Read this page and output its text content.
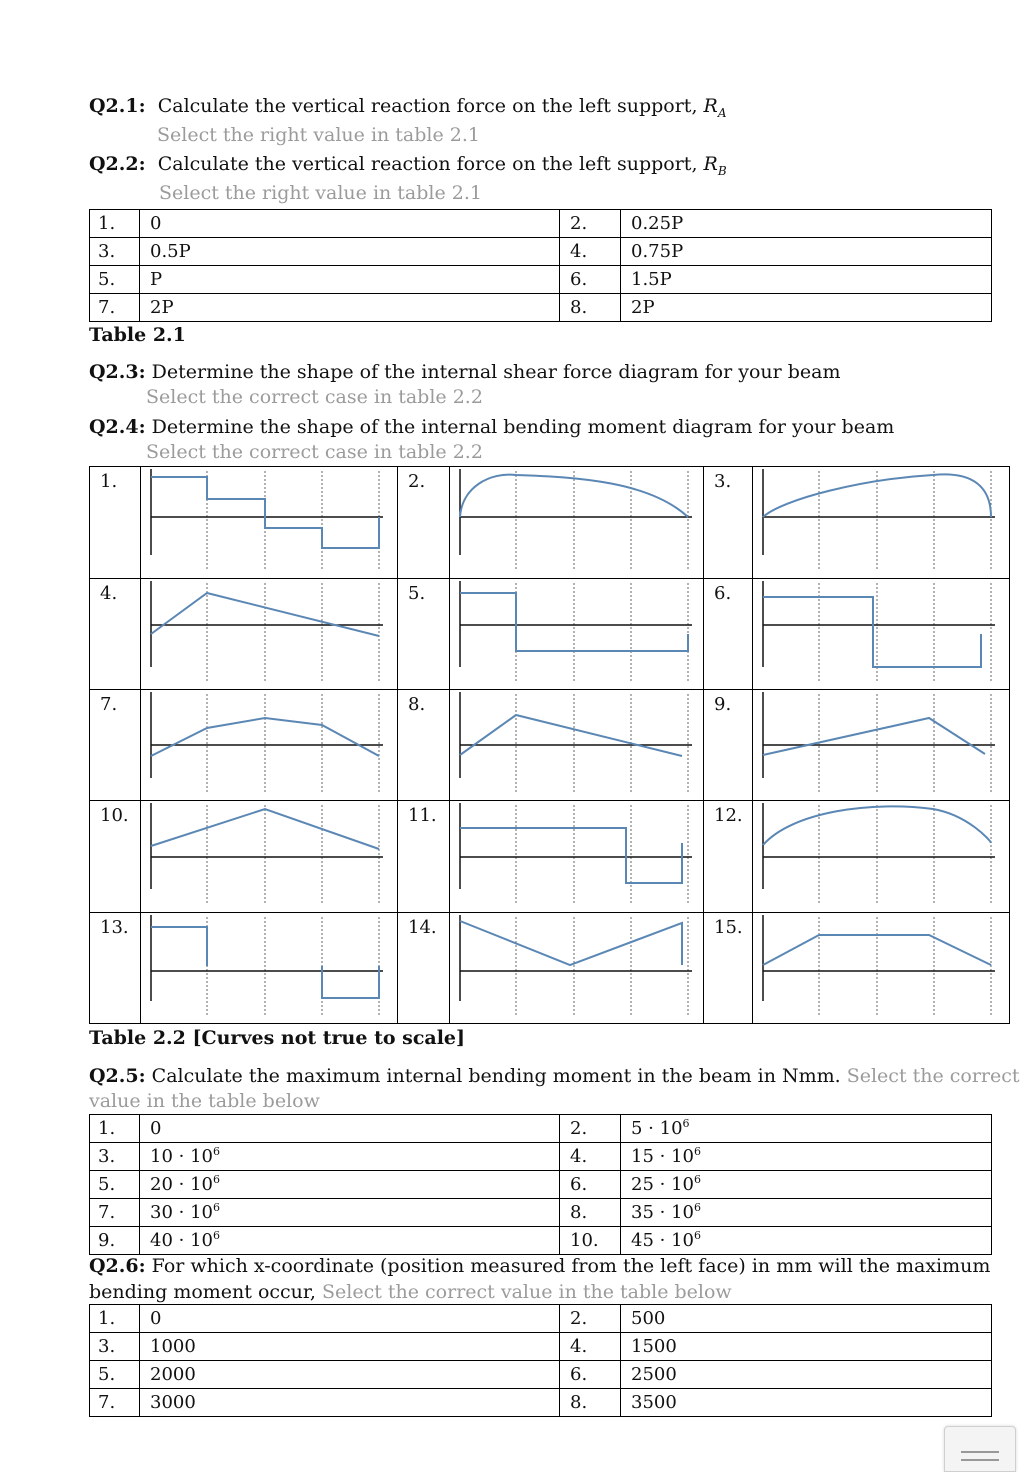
Q2.1: Calculate the vertical reaction force on the left support, $R_A$
Select the right value in table 2.1
Q2.2: Calculate the vertical reaction force on the left support, $R_B$
Select the right value in table 2.1
1.	0	2.	0.25P
3.	0.5P	4.	0.75P
5.	P	6.	1.5P
7.	2P	8.	2P
Table 2.1
Q2.3: Determine the shape of the internal shear force diagram for your beam
Select the correct case in table 2.2
Q2.4: Determine the shape of the internal bending moment diagram for your beam
Select the correct case in table 2.2
1.		2.		3.	

4.		5.		6.	

7.		8.		9.	

10.		11.		12.	

13.		14.		15.	
Table 2.2 [Curves not true to scale]
Q2.5: Calculate the maximum internal bending moment in the beam in Nmm. Select the correct
value in the table below
1.	0	2.	$5 \cdot 10^6$
3.	$10 \cdot 10^6$	4.	$15 \cdot 10^6$
5.	$20 \cdot 10^6$	6.	$25 \cdot 10^6$
7.	$30 \cdot 10^6$	8.	$35 \cdot 10^6$
9.	$40 \cdot 10^6$	10.	$45 \cdot 10^6$
Q2.6: For which x-coordinate (position measured from the left face) in mm will the maximum
bending moment occur, Select the correct value in the table below
1.	0	2.	500
3.	1000	4.	1500
5.	2000	6.	2500
7.	3000	8.	3500
